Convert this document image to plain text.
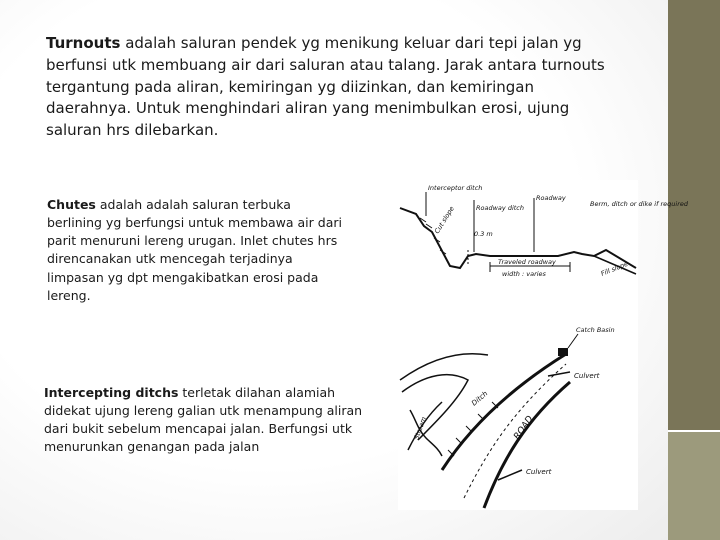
Turnouts adalah saluran pendek yg menikung keluar dari tepi jalan yg berfunsi utk membuang air dari saluran atau talang. Jarak antara turnouts tergantung pada aliran, kemiringan yg diizinkan, dan kemiringan daerahnya. Untuk menghindari aliran yang menimbulkan erosi, ujung saluran hrs dilebarkan.

Chutes adalah adalah saluran terbuka berlining yg berfungsi untuk membawa air dari parit menuruni lereng urugan. Inlet chutes hrs direncanakan utk mencegah terjadinya limpasan yg dpt mengakibatkan erosi pada lereng.

Intercepting ditchs terletak dilahan alamiah didekat ujung lereng galian utk menampung aliran dari bukit sebelum mencapai jalan. Berfungsi utk menurunkan genangan pada jalan

Interceptor ditch
Roadway ditch
Roadway
Berm, ditch or dike if required
Cut slope	0.3 m
Traveled roadway
width : varies	Fill slope
Catch Basin
Ditch
ROAD
Culvert
Culvert
Stream
